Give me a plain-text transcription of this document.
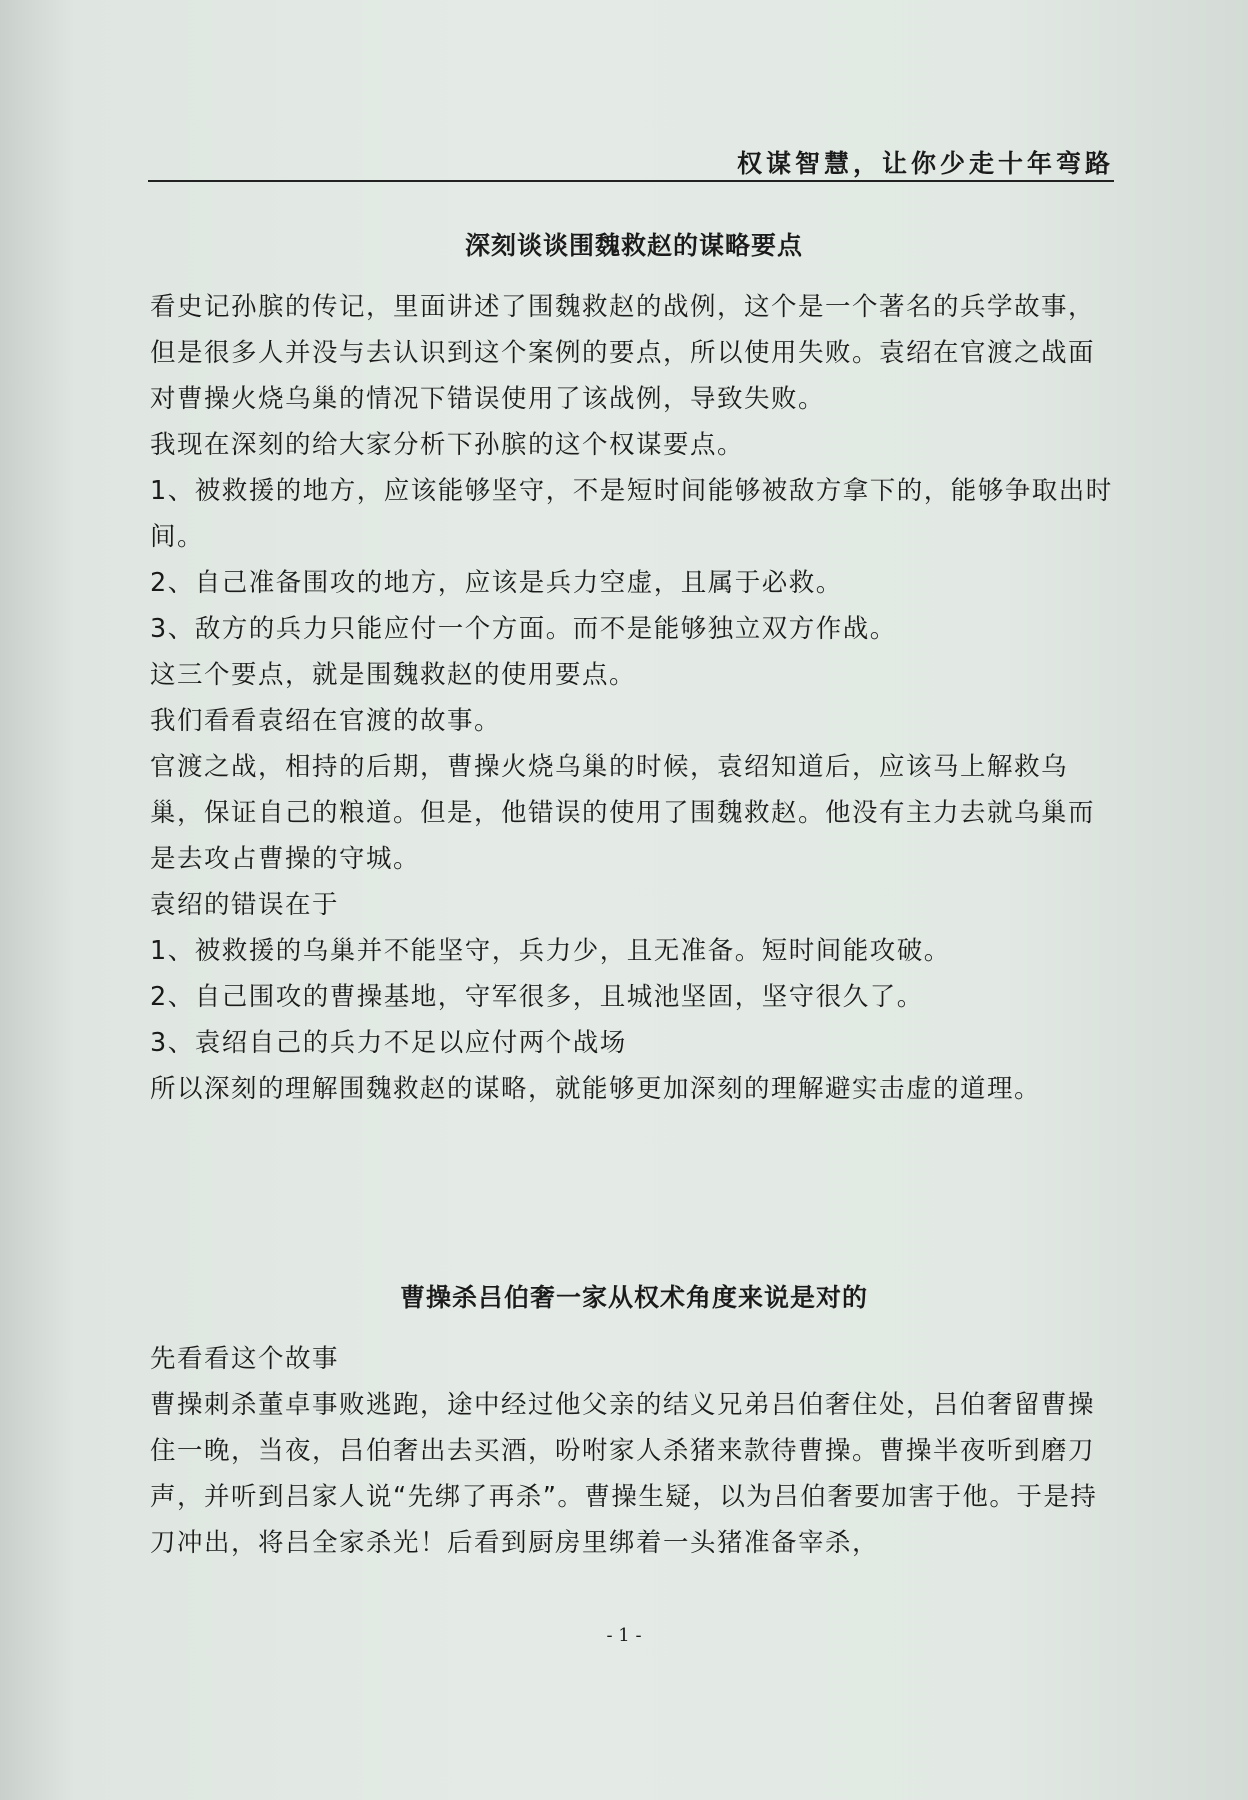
权谋智慧，让你少走十年弯路
深刻谈谈围魏救赵的谋略要点

看史记孙膑的传记，里面讲述了围魏救赵的战例，这个是一个著名的兵学故事，但是很多人并没与去认识到这个案例的要点，所以使用失败。袁绍在官渡之战面对曹操火烧乌巢的情况下错误使用了该战例，导致失败。

我现在深刻的给大家分析下孙膑的这个权谋要点。

1、被救援的地方，应该能够坚守，不是短时间能够被敌方拿下的，能够争取出时间。

2、自己准备围攻的地方，应该是兵力空虚，且属于必救。

3、敌方的兵力只能应付一个方面。而不是能够独立双方作战。

这三个要点，就是围魏救赵的使用要点。

我们看看袁绍在官渡的故事。

官渡之战，相持的后期，曹操火烧乌巢的时候，袁绍知道后，应该马上解救乌巢，保证自己的粮道。但是，他错误的使用了围魏救赵。他没有主力去就乌巢而是去攻占曹操的守城。

袁绍的错误在于

1、被救援的乌巢并不能坚守，兵力少，且无准备。短时间能攻破。

2、自己围攻的曹操基地，守军很多，且城池坚固，坚守很久了。

3、袁绍自己的兵力不足以应付两个战场

所以深刻的理解围魏救赵的谋略，就能够更加深刻的理解避实击虚的道理。

曹操杀吕伯奢一家从权术角度来说是对的

先看看这个故事

曹操刺杀董卓事败逃跑，途中经过他父亲的结义兄弟吕伯奢住处，吕伯奢留曹操住一晚，当夜，吕伯奢出去买酒，吩咐家人杀猪来款待曹操。曹操半夜听到磨刀声，并听到吕家人说“先绑了再杀”。曹操生疑，以为吕伯奢要加害于他。于是持刀冲出，将吕全家杀光！后看到厨房里绑着一头猪准备宰杀，

- 1 -
